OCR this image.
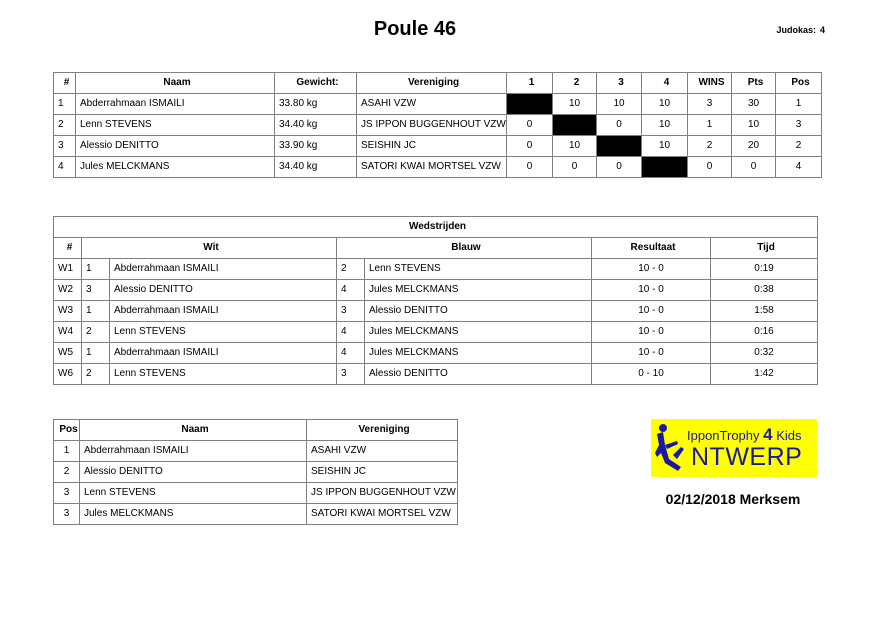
Poule 46	Judokas: 4
#	Naam	Gewicht:	Vereniging	1	2	3	4	WINS	Pts	Pos
1	Abderrahmaan ISMAILI	33.80 kg	ASAHI VZW		10	10	10	3	30	1
2	Lenn STEVENS	34.40 kg	JS IPPON BUGGENHOUT VZW	0		0	10	1	10	3
3	Alessio DENITTO	33.90 kg	SEISHIN JC	0	10		10	2	20	2
4	Jules MELCKMANS	34.40 kg	SATORI KWAI MORTSEL VZW	0	0	0		0	0	4
Wedstrijden						
#	Wit		Blauw		Resultaat	Tijd
W1	1	Abderrahmaan ISMAILI	2	Lenn STEVENS	10 - 0	0:19
W2	3	Alessio DENITTO	4	Jules MELCKMANS	10 - 0	0:38
W3	1	Abderrahmaan ISMAILI	3	Alessio DENITTO	10 - 0	1:58
W4	2	Lenn STEVENS	4	Jules MELCKMANS	10 - 0	0:16
W5	1	Abderrahmaan ISMAILI	4	Jules MELCKMANS	10 - 0	0:32
W6	2	Lenn STEVENS	3	Alessio DENITTO	0 - 10	1:42
Pos	Naam	Vereniging
1	Abderrahmaan ISMAILI	ASAHI VZW
2	Alessio DENITTO	SEISHIN JC
3	Lenn STEVENS	JS IPPON BUGGENHOUT VZW
3	Jules MELCKMANS	SATORI KWAI MORTSEL VZW
IpponTrophy 4 Kids
NTWERP
02/12/2018 Merksem
